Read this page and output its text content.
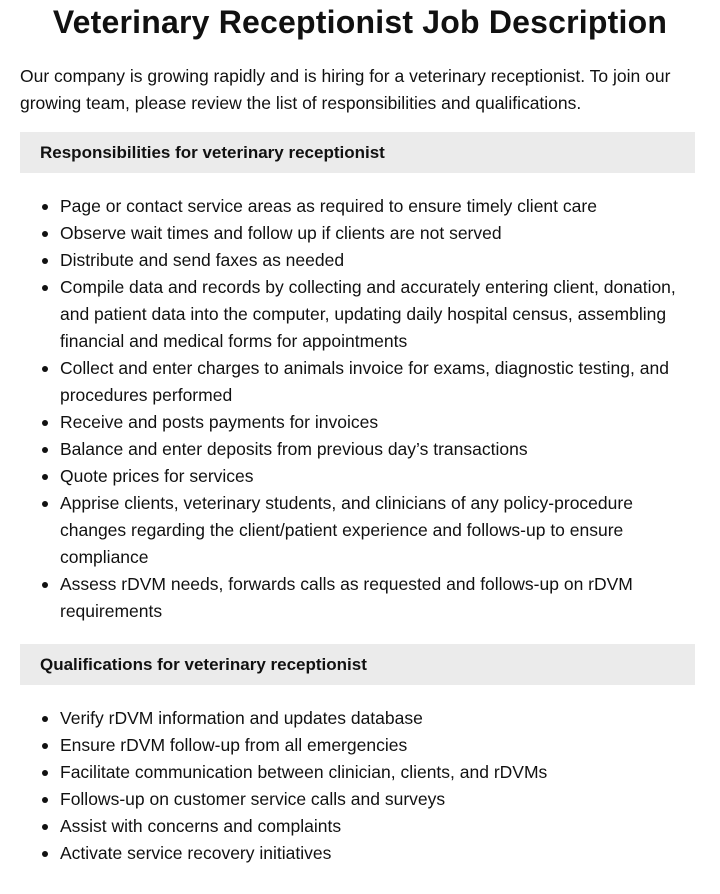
Veterinary Receptionist Job Description

Our company is growing rapidly and is hiring for a veterinary receptionist. To join our growing team, please review the list of responsibilities and qualifications.

Responsibilities for veterinary receptionist
Page or contact service areas as required to ensure timely client care
Observe wait times and follow up if clients are not served
Distribute and send faxes as needed
Compile data and records by collecting and accurately entering client, donation, and patient data into the computer, updating daily hospital census, assembling financial and medical forms for appointments
Collect and enter charges to animals invoice for exams, diagnostic testing, and procedures performed
Receive and posts payments for invoices
Balance and enter deposits from previous day’s transactions
Quote prices for services
Apprise clients, veterinary students, and clinicians of any policy-procedure changes regarding the client/patient experience and follows-up to ensure compliance
Assess rDVM needs, forwards calls as requested and follows-up on rDVM requirements
Qualifications for veterinary receptionist
Verify rDVM information and updates database
Ensure rDVM follow-up from all emergencies
Facilitate communication between clinician, clients, and rDVMs
Follows-up on customer service calls and surveys
Assist with concerns and complaints
Activate service recovery initiatives
